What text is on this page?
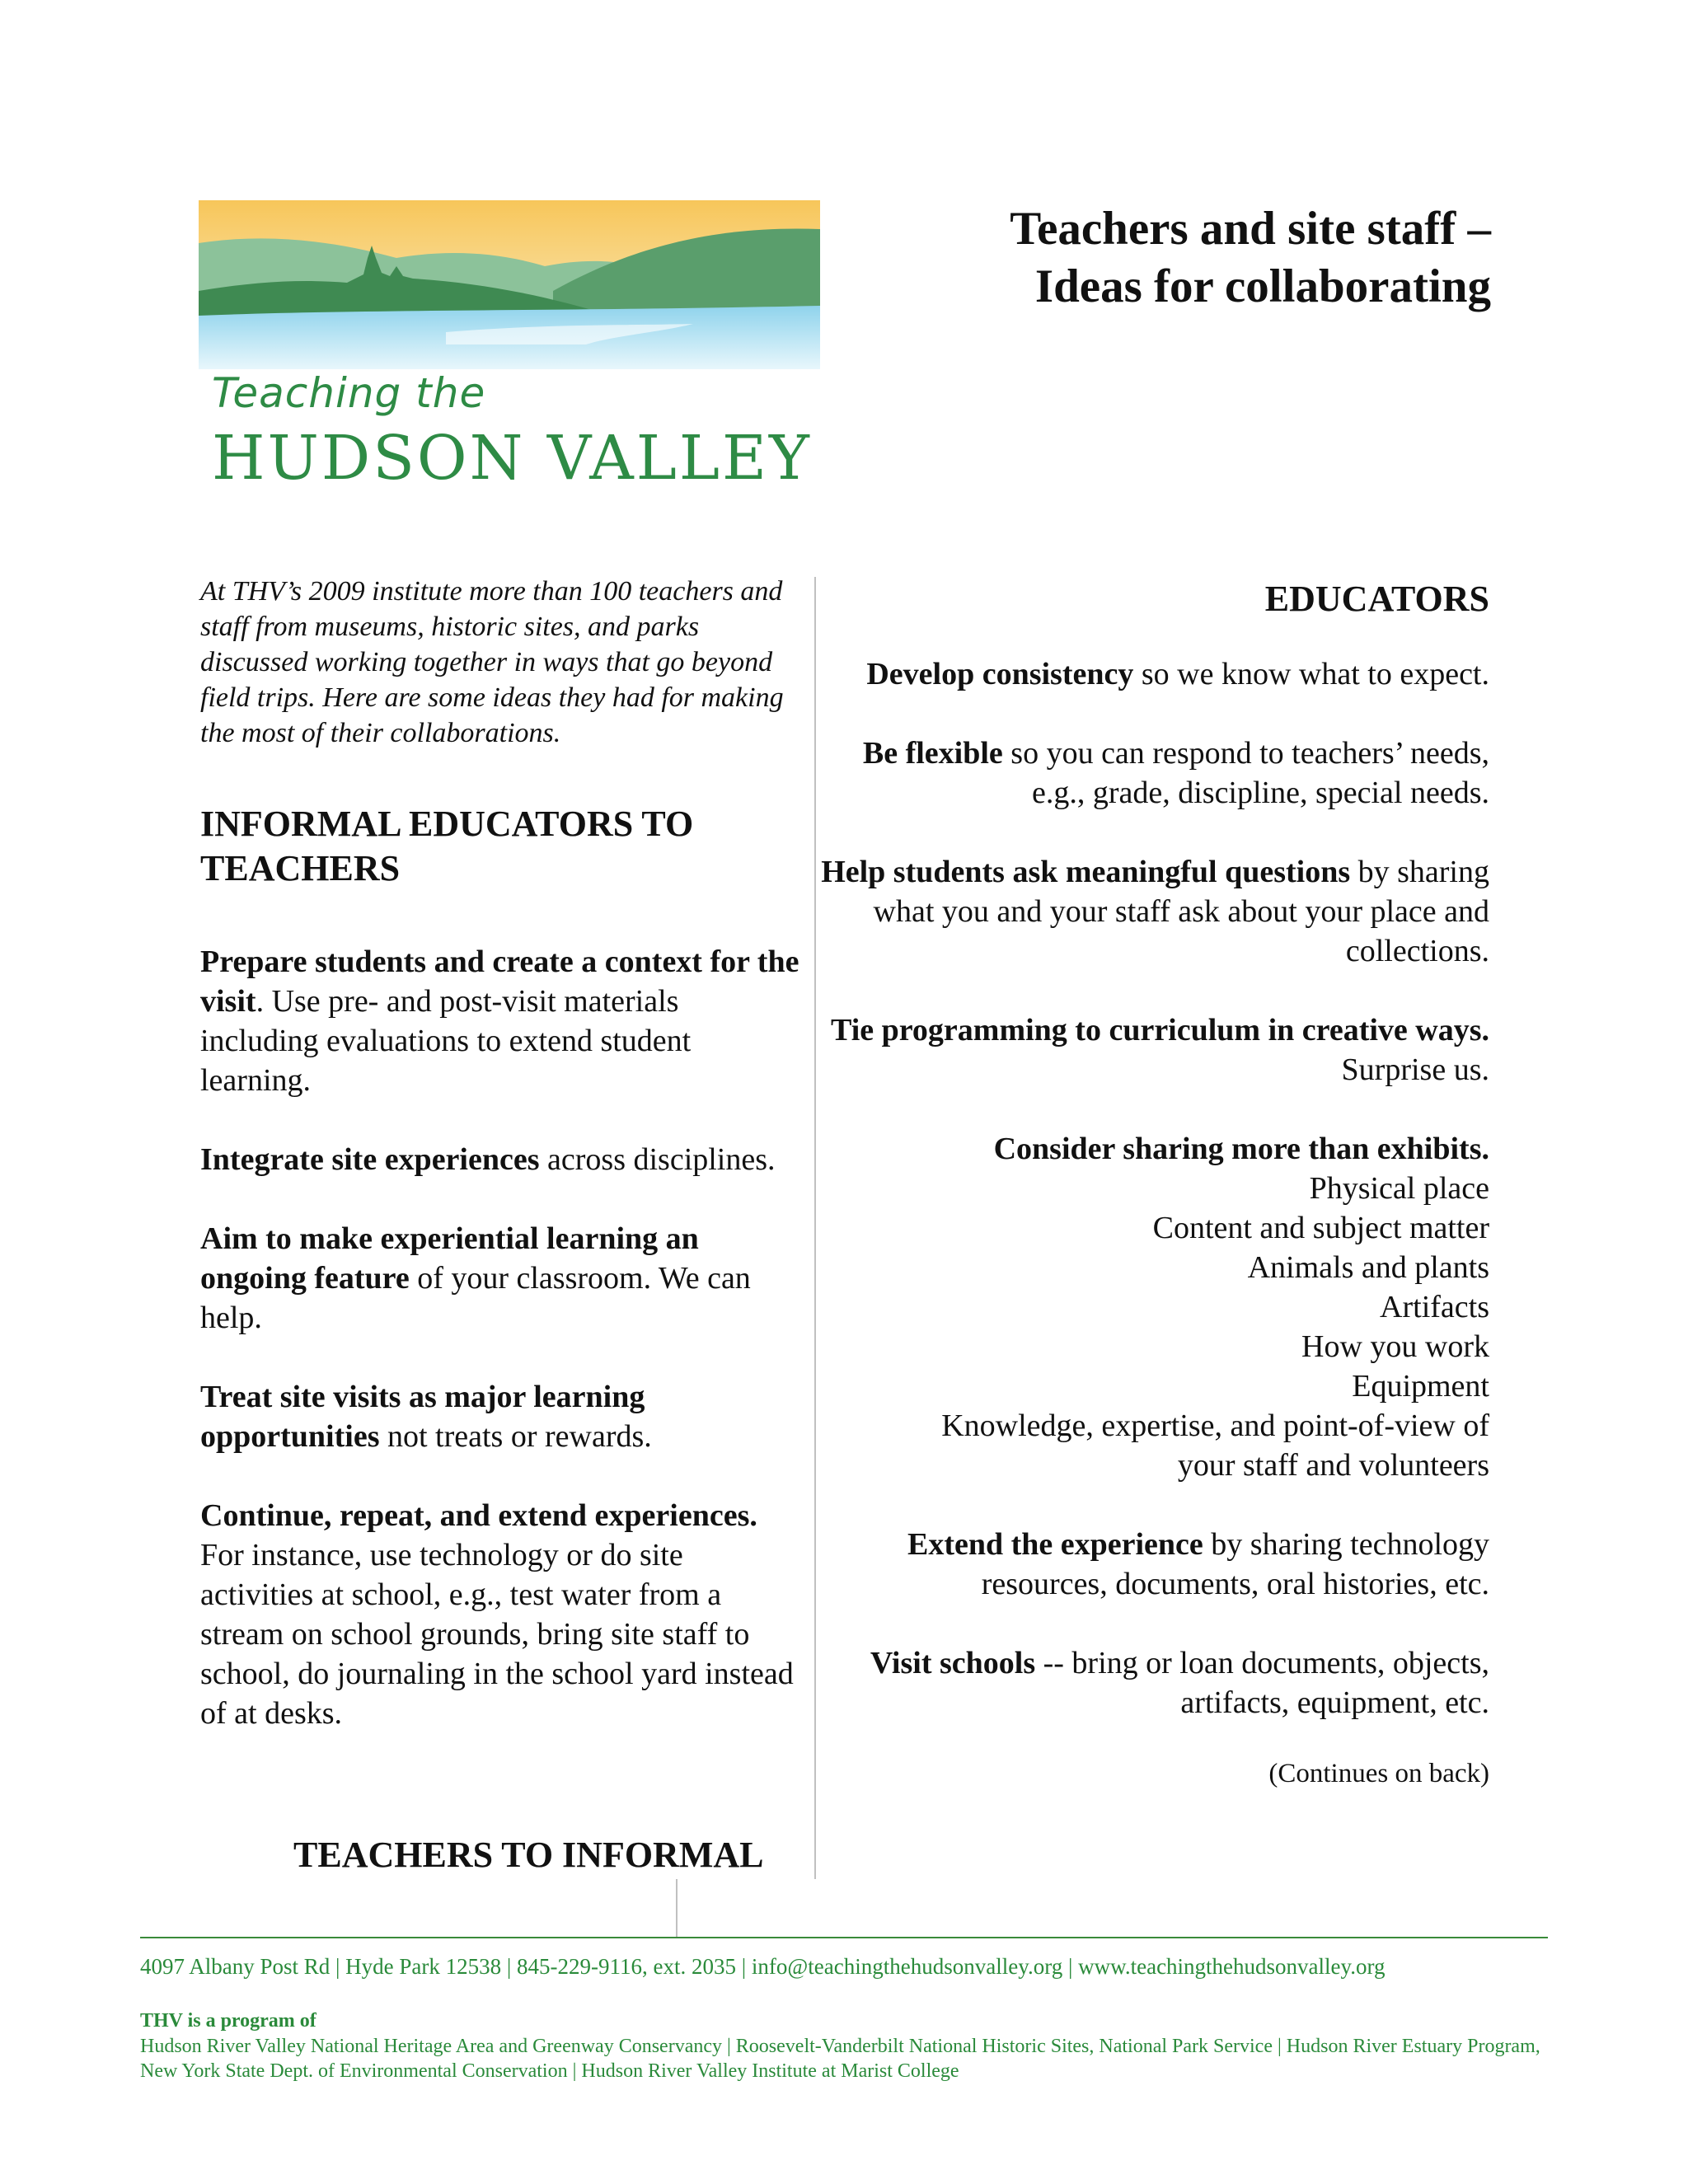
Teaching the
HUDSON VALLEY
Teachers and site staff –
Ideas for collaborating

At THV’s 2009 institute more than 100 teachers and staff from museums, historic sites, and parks discussed working together in ways that go beyond field trips. Here are some ideas they had for making the most of their collaborations.

INFORMAL EDUCATORS TO TEACHERS

Prepare students and create a context for the visit. Use pre- and post-visit materials including evaluations to extend student learning.

Integrate site experiences across disciplines.

Aim to make experiential learning an ongoing feature of your classroom. We can help.

Treat site visits as major learning opportunities not treats or rewards.

Continue, repeat, and extend experiences. For instance, use technology or do site activities at school, e.g., test water from a stream on school grounds, bring site staff to school, do journaling in the school yard instead of at desks.

TEACHERS TO INFORMAL
EDUCATORS

Develop consistency so we know what to expect.

Be flexible so you can respond to teachers’ needs, e.g., grade, discipline, special needs.

Help students ask meaningful questions by sharing what you and your staff ask about your place and collections.

Tie programming to curriculum in creative ways. Surprise us.

Consider sharing more than exhibits.
Physical place
Content and subject matter
Animals and plants
Artifacts
How you work
Equipment
Knowledge, expertise, and point-of-view of your staff and volunteers

Extend the experience by sharing technology resources, documents, oral histories, etc.

Visit schools -- bring or loan documents, objects, artifacts, equipment, etc.

(Continues on back)

4097 Albany Post Rd | Hyde Park 12538 | 845-229-9116, ext. 2035 | info@teachingthehudsonvalley.org | www.teachingthehudsonvalley.org
THV is a program of
Hudson River Valley National Heritage Area and Greenway Conservancy | Roosevelt-Vanderbilt National Historic Sites, National Park Service | Hudson River Estuary Program, New York State Dept. of Environmental Conservation | Hudson River Valley Institute at Marist College
